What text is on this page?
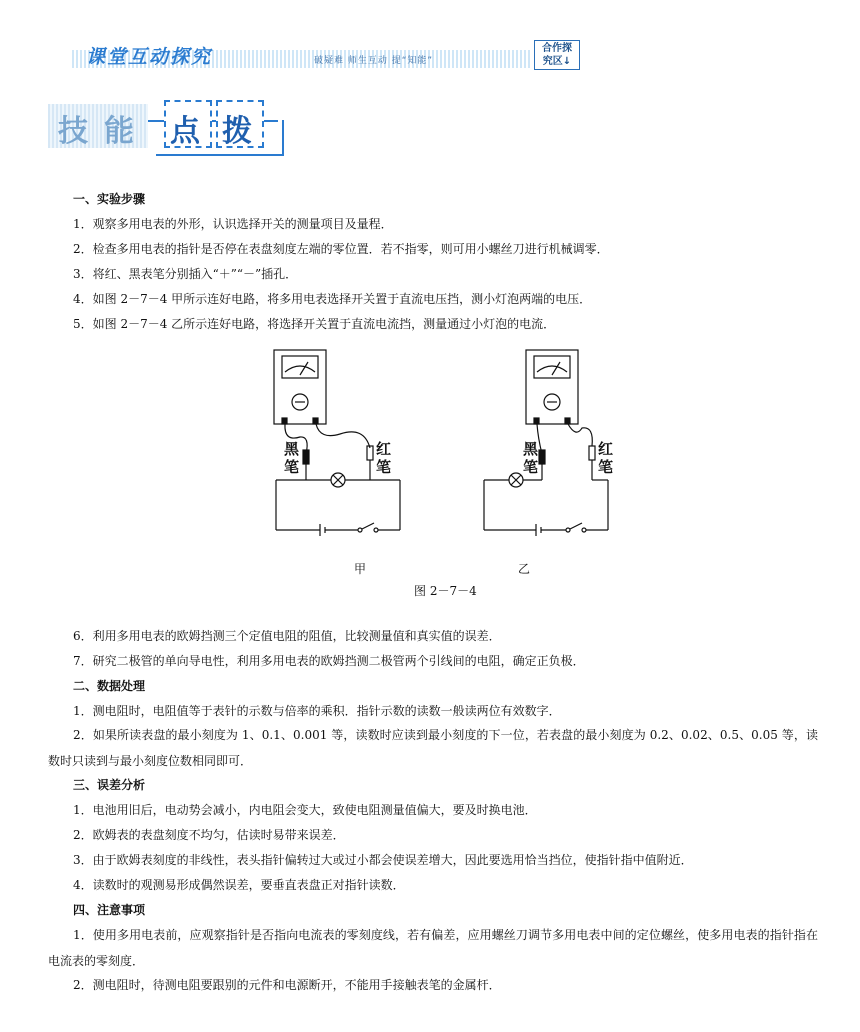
课堂互动探究	破疑难 师生互动 提“知能”
合作探
究区↓
技 能 点 拨
一、实验步骤
1．观察多用电表的外形，认识选择开关的测量项目及量程．
2．检查多用电表的指针是否停在表盘刻度左端的零位置．若不指零，则可用小螺丝刀进行机械调零．
3．将红、黑表笔分别插入“＋”“－”插孔．
4．如图 2－7－4 甲所示连好电路，将多用电表选择开关置于直流电压挡，测小灯泡两端的电压．
5．如图 2－7－4 乙所示连好电路，将选择开关置于直流电流挡，测量通过小灯泡的电流．
黑
笔
红
笔
黑
笔
红
笔
甲	乙
图 2－7－4
6．利用多用电表的欧姆挡测三个定值电阻的阻值，比较测量值和真实值的误差．
7．研究二极管的单向导电性，利用多用电表的欧姆挡测二极管两个引线间的电阻，确定正负极．
二、数据处理
1．测电阻时，电阻值等于表针的示数与倍率的乘积．指针示数的读数一般读两位有效数字．
2．如果所读表盘的最小刻度为 1、0.1、0.001 等，读数时应读到最小刻度的下一位，若表盘的最小刻度为 0.2、0.02、0.5、0.05 等，读数时只读到与最小刻度位数相同即可．
三、误差分析
1．电池用旧后，电动势会减小，内电阻会变大，致使电阻测量值偏大，要及时换电池．
2．欧姆表的表盘刻度不均匀，估读时易带来误差．
3．由于欧姆表刻度的非线性，表头指针偏转过大或过小都会使误差增大，因此要选用恰当挡位，使指针指中值附近．
4．读数时的观测易形成偶然误差，要垂直表盘正对指针读数．
四、注意事项
1．使用多用电表前，应观察指针是否指向电流表的零刻度线，若有偏差，应用螺丝刀调节多用电表中间的定位螺丝，使多用电表的指针指在电流表的零刻度．
2．测电阻时，待测电阻要跟别的元件和电源断开，不能用手接触表笔的金属杆．
